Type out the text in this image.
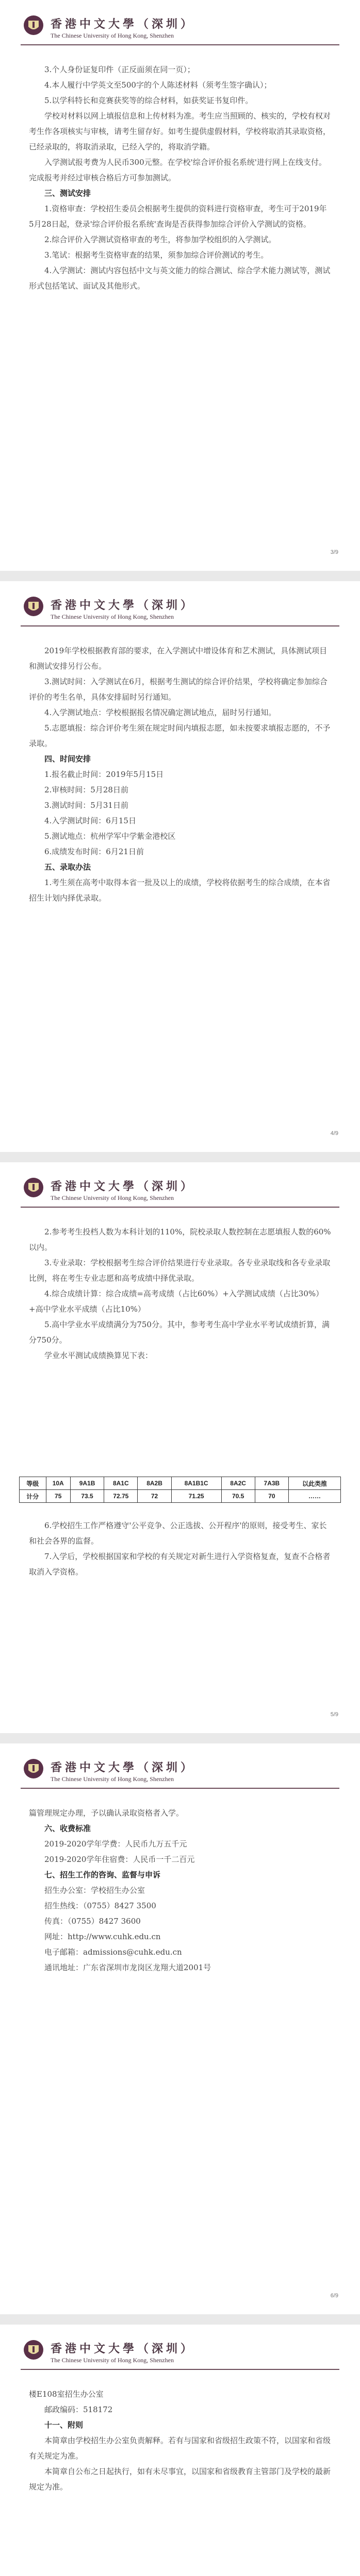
香港中文大學（深圳）
The Chinese University of Hong Kong, Shenzhen

3.个人身份证复印件（正反面须在同一页）；

4.本人履行中学英文至500字的个人陈述材料（须考生签字确认）；

5.以学科特长和竞赛获奖等的综合材料，如获奖证书复印件。

学校对材料以网上填报信息和上传材料为准。考生应当照顾的、核实的，学校有权对考生作各项核实与审核，请考生留存好。如考生提供虚假材料，学校将取消其录取资格，已经录取的，将取消录取，已经入学的，将取消学籍。

入学测试报考费为人民币300元整。在学校'综合评价报名系统'进行网上在线支付。完成报考并经过审核合格后方可参加测试。

三、测试安排

1.资格审查：学校招生委员会根据考生提供的资料进行资格审查，考生可于2019年5月28日起，登录'综合评价报名系统'查询是否获得参加综合评价入学测试的资格。

2.综合评价入学测试资格审查的考生，将参加学校组织的入学测试。

3.笔试：根据考生资格审查的结果，须参加综合评价测试的考生。

4.入学测试：测试内容包括中文与英文能力的综合测试、综合学术能力测试等，测试形式包括笔试、面试及其他形式。

3/9
香港中文大學（深圳）
The Chinese University of Hong Kong, Shenzhen

2019年学校根据教育部的要求，在入学测试中增设体育和艺术测试，具体测试项目和测试安排另行公布。

3.测试时间：入学测试在6月，根据考生测试的综合评价结果，学校将确定参加综合评价的考生名单，具体安排届时另行通知。

4.入学测试地点：学校根据报名情况确定测试地点，届时另行通知。

5.志愿填报：综合评价考生须在规定时间内填报志愿，如未按要求填报志愿的，不予录取。

四、时间安排

1.报名截止时间：2019年5月15日

2.审核时间：5月28日前

3.测试时间：5月31日前

4.入学测试时间：6月15日

5.测试地点：杭州学军中学紫金港校区

6.成绩发布时间：6月21日前

五、录取办法

1.考生须在高考中取得本省一批及以上的成绩，学校将依据考生的综合成绩，在本省招生计划内择优录取。

4/9
香港中文大學（深圳）
The Chinese University of Hong Kong, Shenzhen

2.参考考生投档人数为本科计划的110%，院校录取人数控制在志愿填报人数的60%以内。

3.专业录取：学校根据考生综合评价结果进行专业录取。各专业录取线和各专业录取比例，将在考生专业志愿和高考成绩中择优录取。

4.综合成绩计算：综合成绩=高考成绩（占比60%）+入学测试成绩（占比30%）+高中学业水平成绩（占比10%）

5.高中学业水平成绩满分为750分。其中，参考考生高中学业水平考试成绩折算，满分750分。

学业水平测试成绩换算见下表：

等级	10A	9A1B	8A1C	8A2B	8A1B1C	8A2C	7A3B	以此类推
计分	75	73.5	72.75	72	71.25	70.5	70	……

6.学校招生工作严格遵守'公平竞争、公正选拔、公开程序'的原则，接受考生、家长和社会各界的监督。

7.入学后，学校根据国家和学校的有关规定对新生进行入学资格复查，复查不合格者取消入学资格。

5/9
香港中文大學（深圳）
The Chinese University of Hong Kong, Shenzhen

篇管理规定办理，予以确认录取资格者入学。

六、收费标准

2019-2020学年学费：人民币九万五千元

2019-2020学年住宿费：人民币一千二百元

七、招生工作的咨询、监督与申诉

招生办公室：学校招生办公室

招生热线：（0755）8427 3500

传真：（0755）8427 3600

网址：http://www.cuhk.edu.cn

电子邮箱：admissions@cuhk.edu.cn

通讯地址：广东省深圳市龙岗区龙翔大道2001号

6/9
香港中文大學（深圳）
The Chinese University of Hong Kong, Shenzhen

楼E108室招生办公室

邮政编码：518172

十一、附则

本简章由学校招生办公室负责解释。若有与国家和省级招生政策不符，以国家和省级有关规定为准。

本简章自公布之日起执行，如有未尽事宜，以国家和省级教育主管部门及学校的最新规定为准。
